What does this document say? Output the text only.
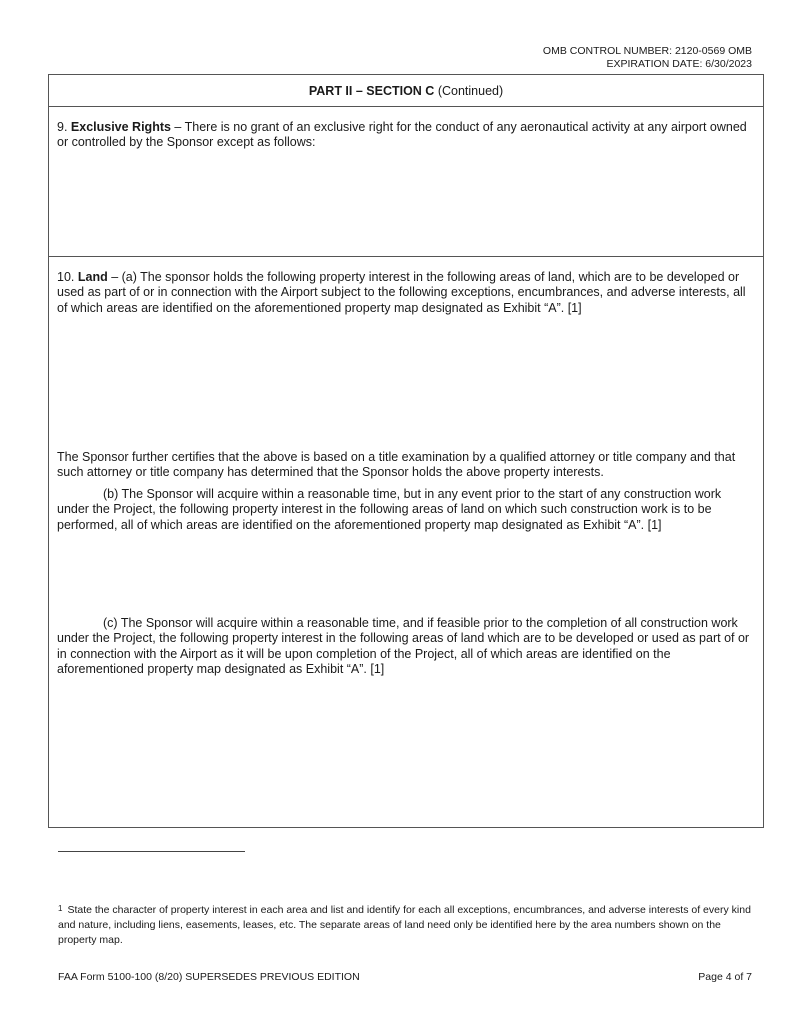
OMB CONTROL NUMBER: 2120-0569 OMB
EXPIRATION DATE: 6/30/2023
PART II – SECTION C (Continued)
9. Exclusive Rights – There is no grant of an exclusive right for the conduct of any aeronautical activity at any airport owned or controlled by the Sponsor except as follows:
10. Land – (a) The sponsor holds the following property interest in the following areas of land, which are to be developed or used as part of or in connection with the Airport subject to the following exceptions, encumbrances, and adverse interests, all of which areas are identified on the aforementioned property map designated as Exhibit “A”. [1]
The Sponsor further certifies that the above is based on a title examination by a qualified attorney or title company and that such attorney or title company has determined that the Sponsor holds the above property interests.
(b) The Sponsor will acquire within a reasonable time, but in any event prior to the start of any construction work under the Project, the following property interest in the following areas of land on which such construction work is to be performed, all of which areas are identified on the aforementioned property map designated as Exhibit “A”. [1]
(c) The Sponsor will acquire within a reasonable time, and if feasible prior to the completion of all construction work under the Project, the following property interest in the following areas of land which are to be developed or used as part of or in connection with the Airport as it will be upon completion of the Project, all of which areas are identified on the aforementioned property map designated as Exhibit “A”. [1]
$^1$ State the character of property interest in each area and list and identify for each all exceptions, encumbrances, and adverse interests of every kind and nature, including liens, easements, leases, etc. The separate areas of land need only be identified here by the area numbers shown on the property map.
FAA Form 5100-100 (8/20) SUPERSEDES PREVIOUS EDITION	Page 4 of 7
